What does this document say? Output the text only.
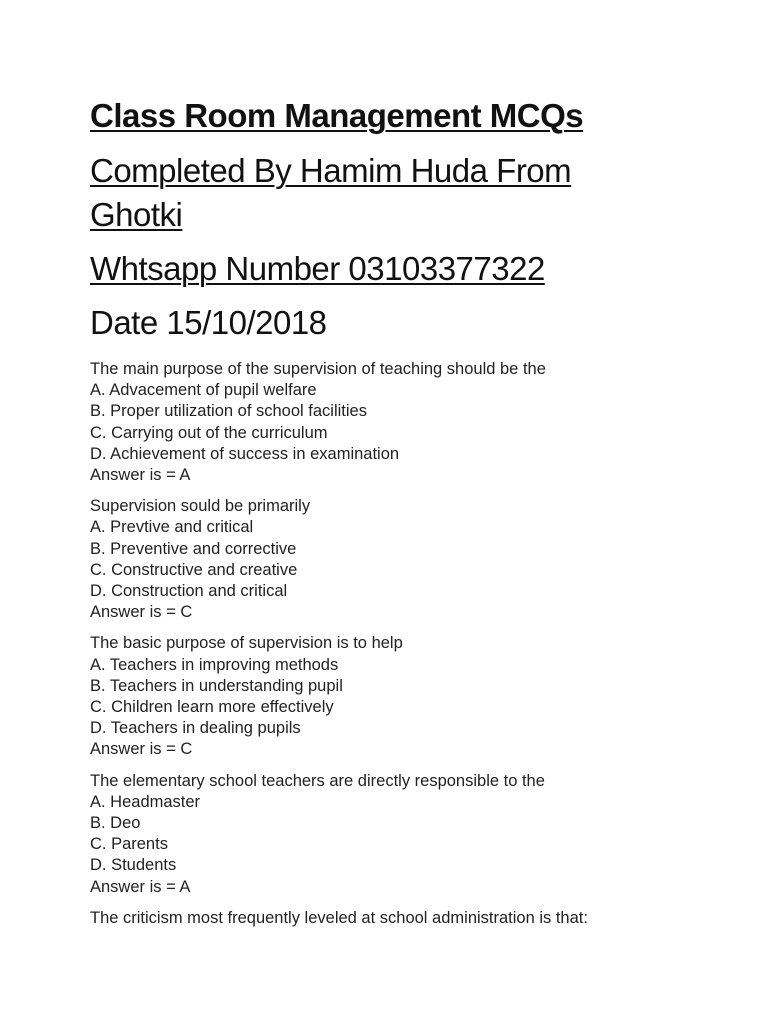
Class Room Management MCQs
Completed By Hamim Huda From
Ghotki
Whtsapp Number 03103377322
Date 15/10/2018
The main purpose of the supervision of teaching should be the
A. Advacement of pupil welfare
B. Proper utilization of school facilities
C. Carrying out of the curriculum
D. Achievement of success in examination
Answer is = A
Supervision sould be primarily
A. Prevtive and critical
B. Preventive and corrective
C. Constructive and creative
D. Construction and critical
Answer is = C
The basic purpose of supervision is to help
A. Teachers in improving methods
B. Teachers in understanding pupil
C. Children learn more effectively
D. Teachers in dealing pupils
Answer is = C
The elementary school teachers are directly responsible to the
A. Headmaster
B. Deo
C. Parents
D. Students
Answer is = A
The criticism most frequently leveled at school administration is that:
